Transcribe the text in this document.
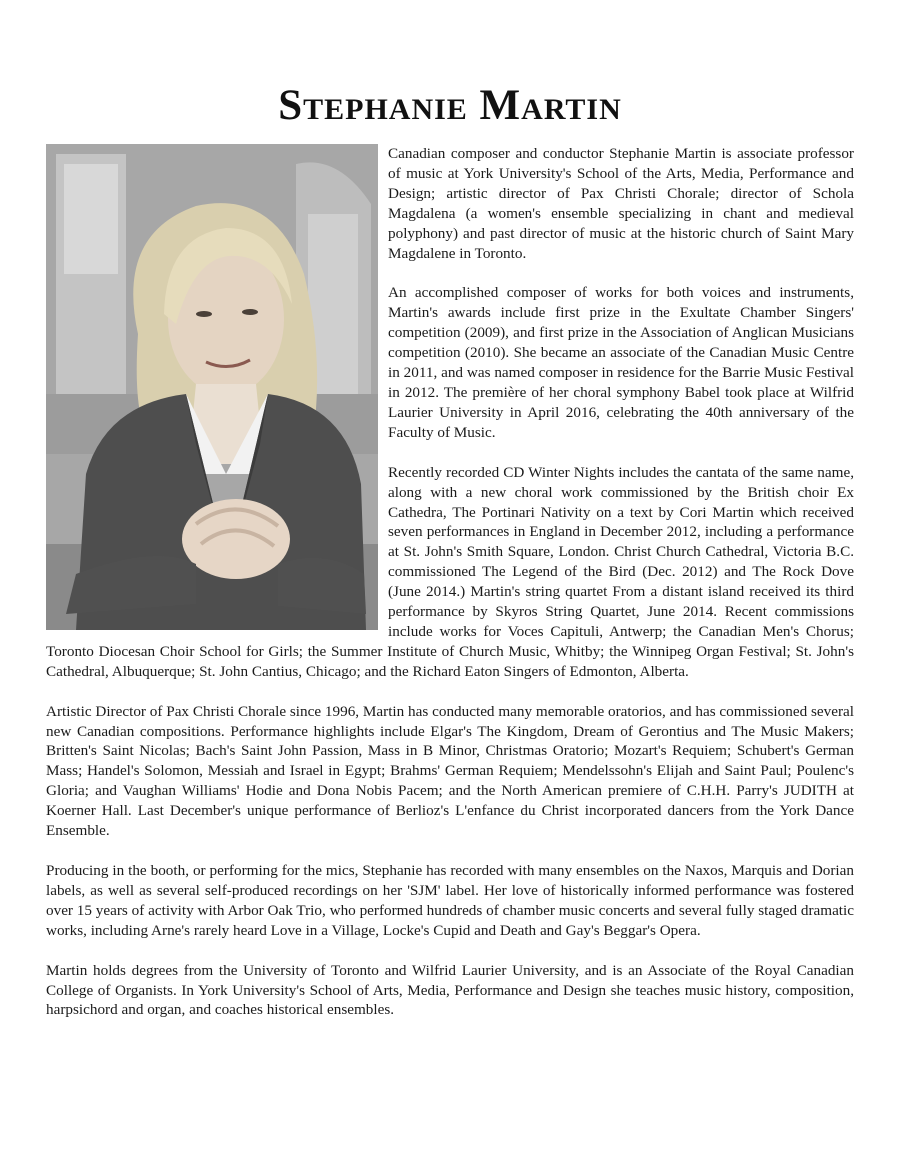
Stephanie Martin

Canadian composer and conductor Stephanie Martin is associate professor of music at York University's School of the Arts, Media, Performance and Design; artistic director of Pax Christi Chorale; director of Schola Magdalena (a women's ensemble specializing in chant and medieval polyphony) and past director of music at the historic church of Saint Mary Magdalene in Toronto.

An accomplished composer of works for both voices and instruments, Martin's awards include first prize in the Exultate Chamber Singers' competition (2009), and first prize in the Association of Anglican Musicians competition (2010). She became an associate of the Canadian Music Centre in 2011, and was named composer in residence for the Barrie Music Festival in 2012. The première of her choral symphony Babel took place at Wilfrid Laurier University in April 2016, celebrating the 40th anniversary of the Faculty of Music.

Recently recorded CD Winter Nights includes the cantata of the same name, along with a new choral work commissioned by the British choir Ex Cathedra, The Portinari Nativity on a text by Cori Martin which received seven performances in England in December 2012, including a performance at St. John's Smith Square, London. Christ Church Cathedral, Victoria B.C. commissioned The Legend of the Bird (Dec. 2012) and The Rock Dove (June 2014.) Martin's string quartet From a distant island received its third performance by Skyros String Quartet, June 2014. Recent commissions include works for Voces Capituli, Antwerp; the Canadian Men's Chorus; Toronto Diocesan Choir School for Girls; the Summer Institute of Church Music, Whitby; the Winnipeg Organ Festival; St. John's Cathedral, Albuquerque; St. John Cantius, Chicago; and the Richard Eaton Singers of Edmonton, Alberta.

Artistic Director of Pax Christi Chorale since 1996, Martin has conducted many memorable oratorios, and has commissioned several new Canadian compositions. Performance highlights include Elgar's The Kingdom, Dream of Gerontius and The Music Makers; Britten's Saint Nicolas; Bach's Saint John Passion, Mass in B Minor, Christmas Oratorio; Mozart's Requiem; Schubert's German Mass; Handel's Solomon, Messiah and Israel in Egypt; Brahms' German Requiem; Mendelssohn's Elijah and Saint Paul; Poulenc's Gloria; and Vaughan Williams' Hodie and Dona Nobis Pacem; and the North American premiere of C.H.H. Parry's JUDITH at Koerner Hall. Last December's unique performance of Berlioz's L'enfance du Christ incorporated dancers from the York Dance Ensemble.

Producing in the booth, or performing for the mics, Stephanie has recorded with many ensembles on the Naxos, Marquis and Dorian labels, as well as several self-produced recordings on her 'SJM' label. Her love of historically informed performance was fostered over 15 years of activity with Arbor Oak Trio, who performed hundreds of chamber music concerts and several fully staged dramatic works, including Arne's rarely heard Love in a Village, Locke's Cupid and Death and Gay's Beggar's Opera.

Martin holds degrees from the University of Toronto and Wilfrid Laurier University, and is an Associate of the Royal Canadian College of Organists. In York University's School of Arts, Media, Performance and Design she teaches music history, composition, harpsichord and organ, and coaches historical ensembles.
